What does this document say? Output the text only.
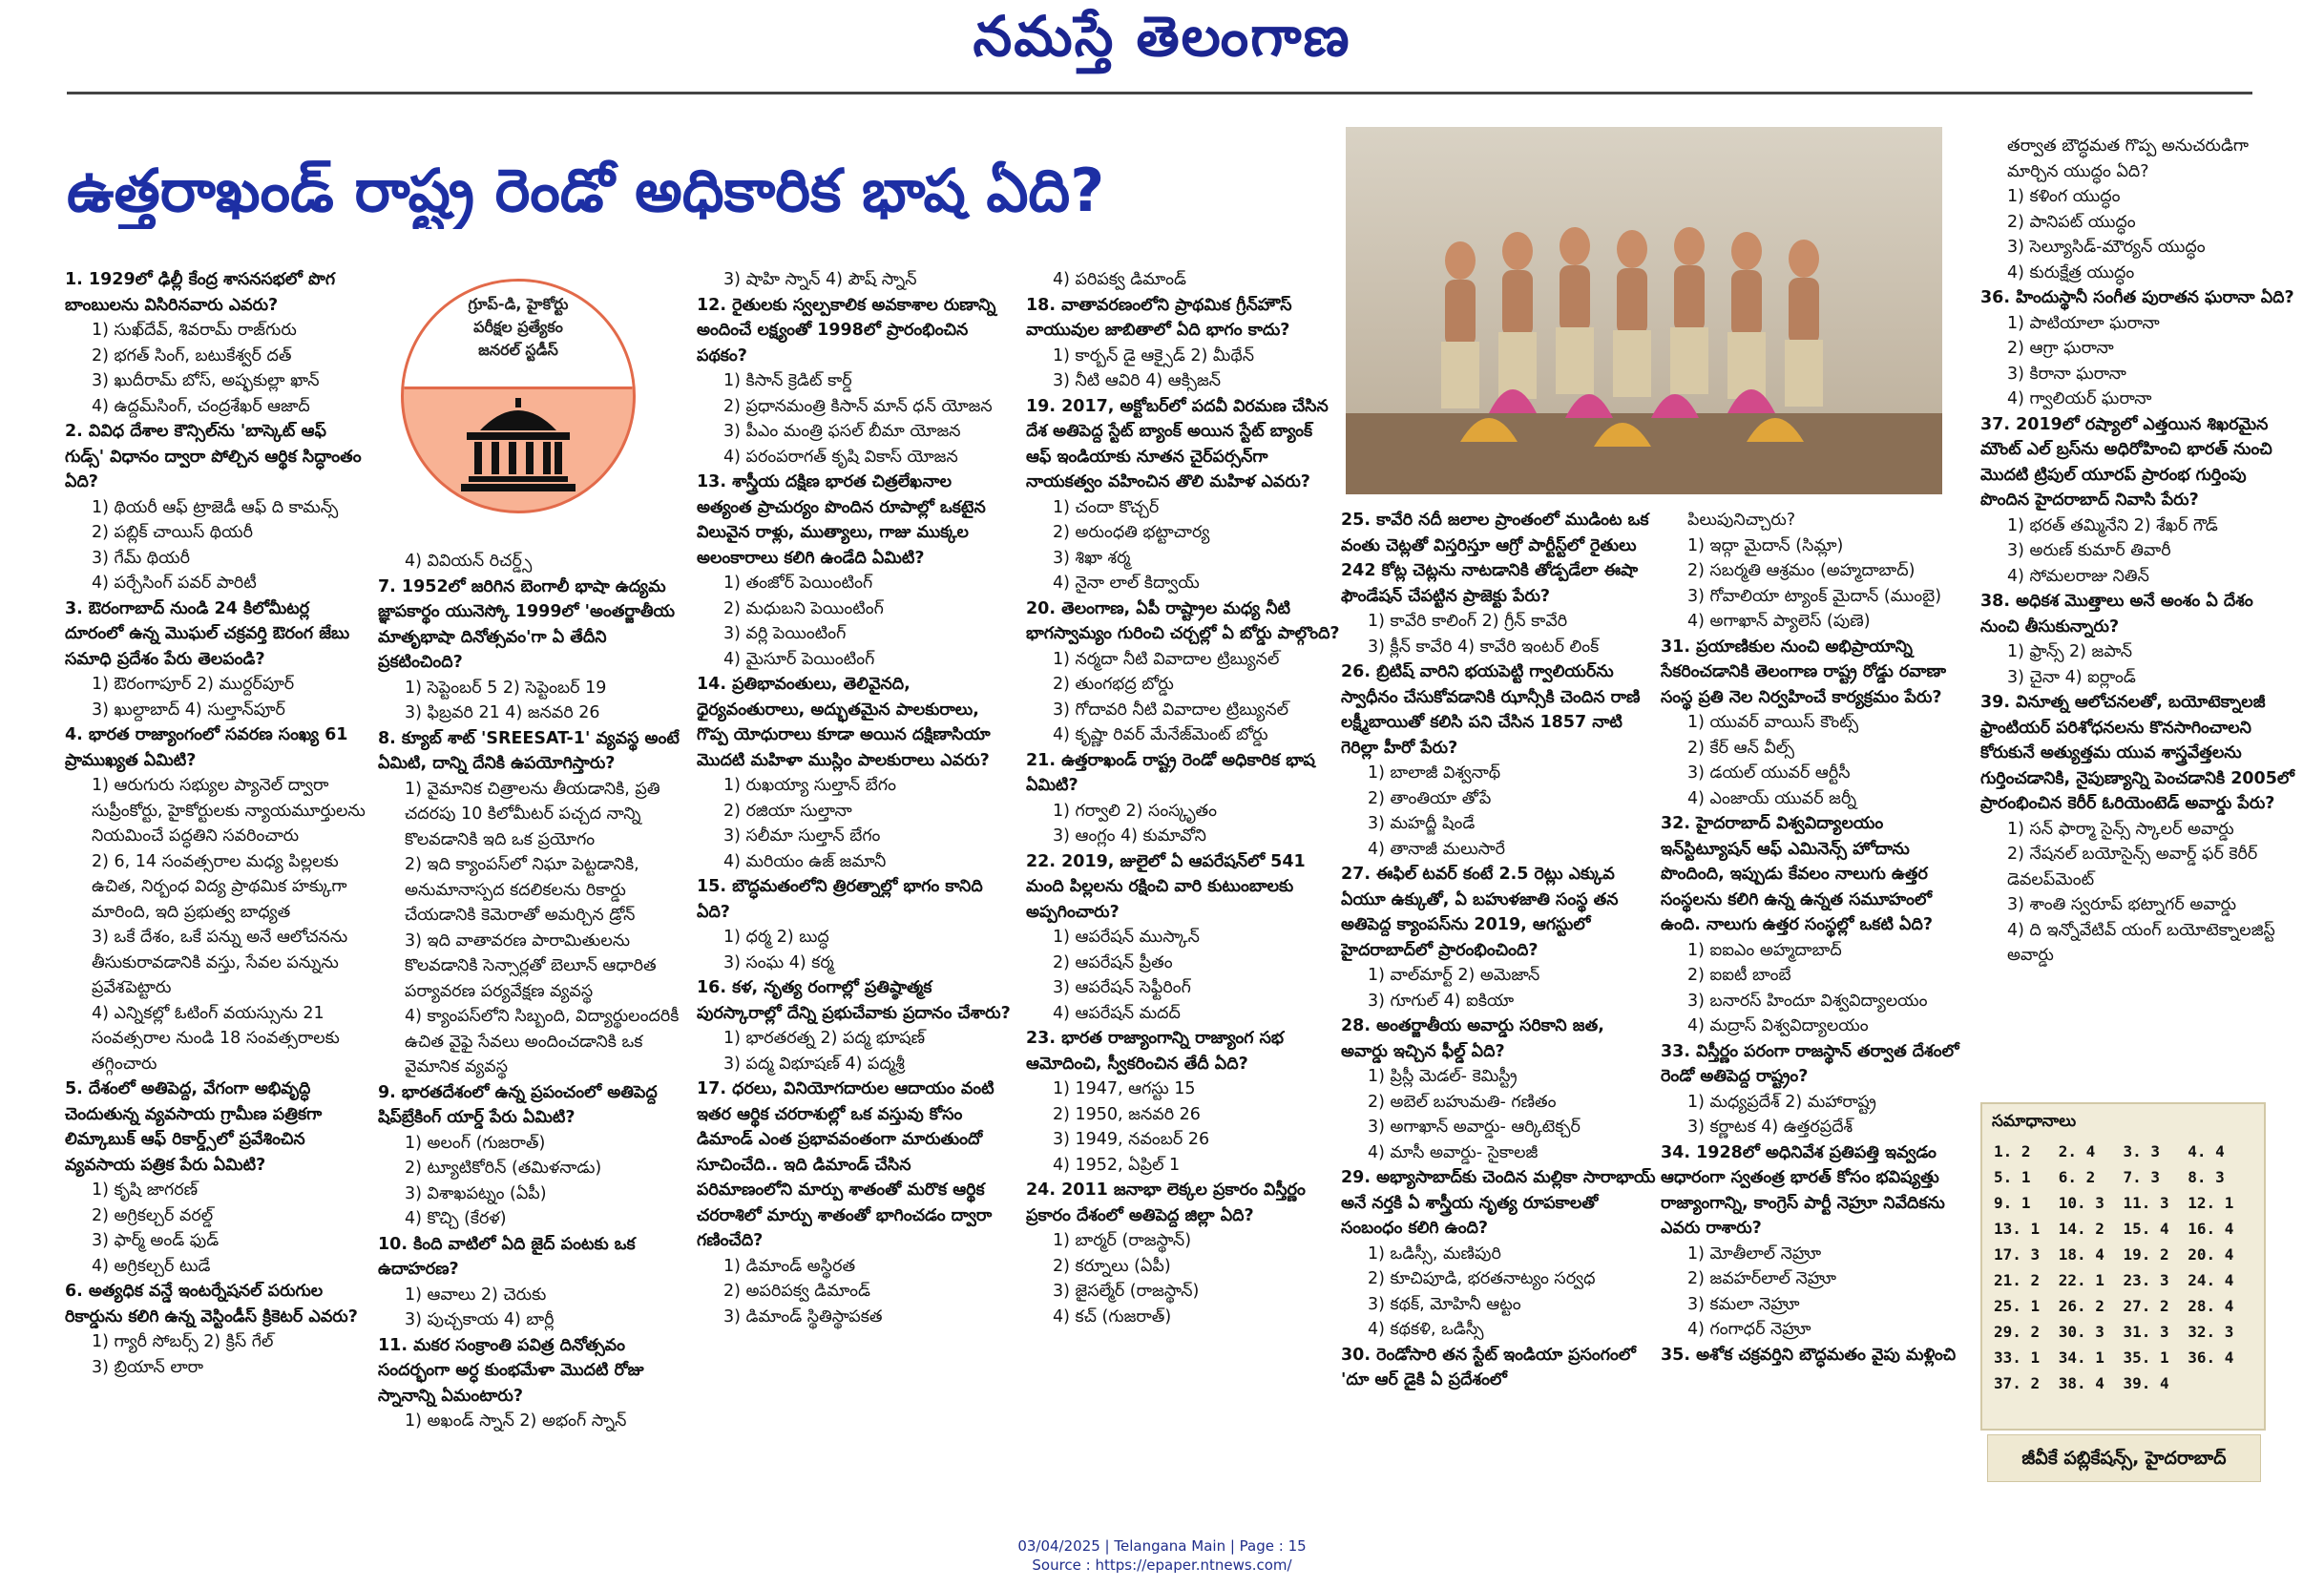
నమస్తే తెలంగాణ
ఉత్తరాఖండ్ రాష్ట్ర రెండో అధికారిక భాష ఏది?
గ్రూప్-డి, హైకోర్టు
పరీక్షల ప్రత్యేకం
జనరల్ స్టడీస్

1. 1929లో ఢిల్లీ కేంద్ర శాసనసభలో పొగ బాంబులను విసిరినవారు ఎవరు?

1) సుఖ్‌దేవ్, శివరామ్ రాజ్‌గురు

2) భగత్ సింగ్, బటుకేశ్వర్ దత్

3) ఖుదీరామ్ బోస్, అష్ఫకుల్లా ఖాన్

4) ఉద్దమ్‌సింగ్, చంద్రశేఖర్ ఆజాద్

2. వివిధ దేశాల కౌన్సిల్‌ను 'బాస్కెట్ ఆఫ్ గుడ్స్' విధానం ద్వారా పోల్చిన ఆర్థిక సిద్ధాంతం ఏది?

1) థియరీ ఆఫ్ ట్రాజెడీ ఆఫ్ ది కామన్స్

2) పబ్లిక్ చాయిస్ థియరీ

3) గేమ్ థియరీ

4) పర్చేసింగ్ పవర్ పారిటీ

3. ఔరంగాబాద్ నుండి 24 కిలోమీటర్ల దూరంలో ఉన్న మొఘల్ చక్రవర్తి ఔరంగ జేబు సమాధి ప్రదేశం పేరు తెలపండి?

1) ఔరంగాపూర్ 2) ముర్దర్‌పూర్

3) ఖుల్దాబాద్ 4) సుల్తాన్‌పూర్

4. భారత రాజ్యాంగంలో సవరణ సంఖ్య 61 ప్రాముఖ్యత ఏమిటి?

1) ఆరుగురు సభ్యుల ప్యానెల్ ద్వారా సుప్రీంకోర్టు, హైకోర్టులకు న్యాయమూర్తులను నియమించే పద్ధతిని సవరించారు

2) 6, 14 సంవత్సరాల మధ్య పిల్లలకు ఉచిత, నిర్బంధ విద్య ప్రాథమిక హక్కుగా మారింది, ఇది ప్రభుత్వ బాధ్యత

3) ఒకే దేశం, ఒకే పన్ను అనే ఆలోచనను తీసుకురావడానికి వస్తు, సేవల పన్నును ప్రవేశపెట్టారు

4) ఎన్నికల్లో ఓటింగ్ వయస్సును 21 సంవత్సరాల నుండి 18 సంవత్సరాలకు తగ్గించారు

5. దేశంలో అతిపెద్ద, వేగంగా అభివృద్ధి చెందుతున్న వ్యవసాయ గ్రామీణ పత్రికగా లిమ్కాబుక్ ఆఫ్ రికార్డ్స్‌లో ప్రవేశించిన వ్యవసాయ పత్రిక పేరు ఏమిటి?

1) కృషి జాగరణ్

2) అగ్రికల్చర్ వరల్డ్

3) ఫార్మ్ అండ్ ఫుడ్

4) అగ్రికల్చర్ టుడే

6. అత్యధిక వన్డే ఇంటర్నేషనల్ పరుగుల రికార్డును కలిగి ఉన్న వెస్టిండీస్ క్రికెటర్ ఎవరు?

1) గ్యారీ సోబర్స్ 2) క్రిస్ గేల్

3) బ్రియాన్ లారా

4) వివియన్ రిచర్డ్స్

7. 1952లో జరిగిన బెంగాలీ భాషా ఉద్యమ జ్ఞాపకార్థం యునెస్కో 1999లో 'అంతర్జాతీయ మాతృభాషా దినోత్సవం'గా ఏ తేదీని ప్రకటించింది?

1) సెప్టెంబర్ 5 2) సెప్టెంబర్ 19

3) ఫిబ్రవరి 21 4) జనవరి 26

8. క్యూబ్ శాట్ 'SREESAT-1' వ్యవస్థ అంటే ఏమిటి, దాన్ని దేనికి ఉపయోగిస్తారు?

1) వైమానిక చిత్రాలను తీయడానికి, ప్రతి చదరపు 10 కిలోమీటర్ పచ్చద నాన్ని కొలవడానికి ఇది ఒక ప్రయోగం

2) ఇది క్యాంపస్‌లో నిఘా పెట్టడానికి, అనుమానాస్పద కదలికలను రికార్డు చేయడానికి కెమెరాతో అమర్చిన డ్రోన్

3) ఇది వాతావరణ పారామితులను కొలవడానికి సెన్సార్లతో బెలూన్ ఆధారిత పర్యావరణ పర్యవేక్షణ వ్యవస్థ

4) క్యాంపస్‌లోని సిబ్బంది, విద్యార్థులందరికీ ఉచిత వైఫై సేవలు అందించడానికి ఒక వైమానిక వ్యవస్థ

9. భారతదేశంలో ఉన్న ప్రపంచంలో అతిపెద్ద షిప్‌బ్రేకింగ్ యార్డ్ పేరు ఏమిటి?

1) అలంగ్ (గుజరాత్)

2) ట్యూటికోరిన్ (తమిళనాడు)

3) విశాఖపట్నం (ఏపీ)

4) కొచ్చి (కేరళ)

10. కింది వాటిలో ఏది జైద్ పంటకు ఒక ఉదాహరణ?

1) ఆవాలు 2) చెరుకు

3) పుచ్చకాయ 4) బార్లీ

11. మకర సంక్రాంతి పవిత్ర దినోత్సవం సందర్భంగా అర్ధ కుంభమేళా మొదటి రోజు స్నానాన్ని ఏమంటారు?

1) అఖండ్ స్నాన్ 2) అభంగ్ స్నాన్

3) షాహి స్నాన్ 4) పౌష్ స్నాన్

12. రైతులకు స్వల్పకాలిక అవకాశాల రుణాన్ని అందించే లక్ష్యంతో 1998లో ప్రారంభించిన పథకం?

1) కిసాన్ క్రెడిట్ కార్డ్

2) ప్రధానమంత్రి కిసాన్ మాన్ ధన్ యోజన

3) పీఎం మంత్రి ఫసల్ బీమా యోజన

4) పరంపరాగత్ కృషి వికాస్ యోజన

13. శాస్త్రీయ దక్షిణ భారత చిత్రలేఖనాల అత్యంత ప్రాచుర్యం పొందిన రూపాల్లో ఒకటైన విలువైన రాళ్లు, ముత్యాలు, గాజు ముక్కల అలంకారాలు కలిగి ఉండేది ఏమిటి?

1) తంజోర్ పెయింటింగ్

2) మధుబని పెయింటింగ్

3) వర్లి పెయింటింగ్

4) మైసూర్ పెయింటింగ్

14. ప్రతిభావంతులు, తెలివైనది, ధైర్యవంతురాలు, అద్భుతమైన పాలకురాలు, గొప్ప యోధురాలు కూడా అయిన దక్షిణాసియా మొదటి మహిళా ముస్లిం పాలకురాలు ఎవరు?

1) రుఖయ్యా సుల్తాన్ బేగం

2) రజియా సుల్తానా

3) సలీమా సుల్తాన్ బేగం

4) మరియం ఉజ్ జమానీ

15. బౌద్ధమతంలోని త్రిరత్నాల్లో భాగం కానిది ఏది?

1) ధర్మ 2) బుద్ధ

3) సంఘ 4) కర్మ

16. కళ, నృత్య రంగాల్లో ప్రతిష్ఠాత్మక పురస్కారాల్లో దేన్ని ప్రభుచేవాకు ప్రదానం చేశారు?

1) భారతరత్న 2) పద్మ భూషణ్

3) పద్మ విభూషణ్ 4) పద్మశ్రీ

17. ధరలు, వినియోగదారుల ఆదాయం వంటి ఇతర ఆర్థిక చరరాశుల్లో ఒక వస్తువు కోసం డిమాండ్ ఎంత ప్రభావవంతంగా మారుతుందో సూచించేది.. ఇది డిమాండ్ చేసిన పరిమాణంలోని మార్పు శాతంతో మరొక ఆర్థిక చరరాశిలో మార్పు శాతంతో భాగించడం ద్వారా గణించేది?

1) డిమాండ్ అస్థిరత

2) అపరిపక్వ డిమాండ్

3) డిమాండ్ స్థితిస్థాపకత

4) పరిపక్వ డిమాండ్

18. వాతావరణంలోని ప్రాథమిక గ్రీన్‌హౌస్ వాయువుల జాబితాలో ఏది భాగం కాదు?

1) కార్బన్ డై ఆక్సైడ్ 2) మీథేన్

3) నీటి ఆవిరి 4) ఆక్సిజన్

19. 2017, అక్టోబర్‌లో పదవీ విరమణ చేసిన దేశ అతిపెద్ద స్టేట్ బ్యాంక్ అయిన స్టేట్ బ్యాంక్ ఆఫ్ ఇండియాకు నూతన చైర్‌పర్సన్‌గా నాయకత్వం వహించిన తొలి మహిళ ఎవరు?

1) చందా కొచ్చర్

2) అరుంధతి భట్టాచార్య

3) శిఖా శర్మ

4) నైనా లాల్ కిద్వాయ్

20. తెలంగాణ, ఏపీ రాష్ట్రాల మధ్య నీటి భాగస్వామ్యం గురించి చర్చల్లో ఏ బోర్డు పాల్గొంది?

1) నర్మదా నీటి వివాదాల ట్రిబ్యునల్

2) తుంగభద్ర బోర్డు

3) గోదావరి నీటి వివాదాల ట్రిబ్యునల్

4) కృష్ణా రివర్ మేనేజ్‌మెంట్ బోర్డు

21. ఉత్తరాఖండ్ రాష్ట్ర రెండో అధికారిక భాష ఏమిటి?

1) గర్వాలి 2) సంస్కృతం

3) ఆంగ్లం 4) కుమావోని

22. 2019, జులైలో ఏ ఆపరేషన్‌లో 541 మంది పిల్లలను రక్షించి వారి కుటుంబాలకు అప్పగించారు?

1) ఆపరేషన్ ముస్కాన్

2) ఆపరేషన్ ప్రీతం

3) ఆపరేషన్ సెఫ్టీరింగ్

4) ఆపరేషన్ మదద్

23. భారత రాజ్యాంగాన్ని రాజ్యాంగ సభ ఆమోదించి, స్వీకరించిన తేదీ ఏది?

1) 1947, ఆగస్టు 15

2) 1950, జనవరి 26

3) 1949, నవంబర్ 26

4) 1952, ఏప్రిల్ 1

24. 2011 జనాభా లెక్కల ప్రకారం విస్తీర్ణం ప్రకారం దేశంలో అతిపెద్ద జిల్లా ఏది?

1) బార్మర్ (రాజస్థాన్)

2) కర్నూలు (ఏపీ)

3) జైసల్మేర్ (రాజస్థాన్)

4) కచ్ (గుజరాత్)

25. కావేరి నదీ జలాల ప్రాంతంలో ముడింట ఒక వంతు చెట్లతో విస్తరిస్తూ ఆగ్రో పార్టీస్ట్‌లో రైతులు 242 కోట్ల చెట్లను నాటడానికి తోడ్పడేలా ఈషా ఫౌండేషన్ చేపట్టిన ప్రాజెక్టు పేరు?

1) కావేరి కాలింగ్ 2) గ్రీన్ కావేరి

3) క్లీన్ కావేరి 4) కావేరి ఇంటర్ లింక్

26. బ్రిటిష్ వారిని భయపెట్టి గ్వాలియర్‌ను స్వాధీనం చేసుకోవడానికి ఝాన్సీకి చెందిన రాణి లక్ష్మీబాయితో కలిసి పని చేసిన 1857 నాటి గెరిల్లా హీరో పేరు?

1) బాలాజీ విశ్వనాథ్

2) తాంతియా తోపే

3) మహద్జీ షిండే

4) తానాజీ మలుసారే

27. ఈఫిల్ టవర్ కంటే 2.5 రెట్లు ఎక్కువ ఏయూ ఉక్కుతో, ఏ బహుళజాతి సంస్థ తన అతిపెద్ద క్యాంపస్‌ను 2019, ఆగస్టులో హైదరాబాద్‌లో ప్రారంభించింది?

1) వాల్‌మార్ట్ 2) అమెజాన్

3) గూగుల్ 4) ఐకియా

28. అంతర్జాతీయ అవార్డు సరికాని జత, అవార్డు ఇచ్చిన ఫీల్డ్ ఏది?

1) ప్రిస్లీ మెడల్- కెమిస్ట్రీ

2) అబెల్ బహుమతి- గణితం

3) అగాఖాన్ అవార్డు- ఆర్కిటెక్చర్

4) మాసీ అవార్డు- సైకాలజీ

29. అభ్యాసాబాద్‌కు చెందిన మల్లికా సారాభాయ్ అనే నర్తకి ఏ శాస్త్రీయ నృత్య రూపకాలతో సంబంధం కలిగి ఉంది?

1) ఒడిస్సీ, మణిపురి

2) కూచిపూడి, భరతనాట్యం సర్వధ

3) కథక్, మోహినీ ఆట్టం

4) కథకళి, ఒడిస్సీ

30. రెండోసారి తన స్టేట్ ఇండియా ప్రసంగంలో 'దూ ఆర్ డైకి ఏ ప్రదేశంలో

పిలుపునిచ్చారు?

1) ఇద్గా మైదాన్ (సిమ్లా)

2) సబర్మతి ఆశ్రమం (అహ్మదాబాద్)

3) గోవాలియా ట్యాంక్ మైదాన్ (ముంబై)

4) అగాఖాన్ ప్యాలెస్ (పుణె)

31. ప్రయాణికుల నుంచి అభిప్రాయాన్ని సేకరించడానికి తెలంగాణ రాష్ట్ర రోడ్డు రవాణా సంస్థ ప్రతి నెల నిర్వహించే కార్యక్రమం పేరు?

1) యువర్ వాయిస్ కౌంట్స్

2) కేర్ ఆన్ వీల్స్

3) డయల్ యువర్ ఆర్టీసీ

4) ఎంజాయ్ యువర్ జర్నీ

32. హైదరాబాద్ విశ్వవిద్యాలయం ఇన్‌స్టిట్యూషన్ ఆఫ్ ఎమినెన్స్ హోదాను పొందింది, ఇప్పుడు కేవలం నాలుగు ఉత్తర సంస్థలను కలిగి ఉన్న ఉన్నత సమూహంలో ఉంది. నాలుగు ఉత్తర సంస్థల్లో ఒకటి ఏది?

1) ఐఐఎం అహ్మదాబాద్

2) ఐఐటీ బాంబే

3) బనారస్ హిందూ విశ్వవిద్యాలయం

4) మద్రాస్ విశ్వవిద్యాలయం

33. విస్తీర్ణం పరంగా రాజస్థాన్ తర్వాత దేశంలో రెండో అతిపెద్ద రాష్ట్రం?

1) మధ్యప్రదేశ్ 2) మహారాష్ట్ర

3) కర్ణాటక 4) ఉత్తరప్రదేశ్

34. 1928లో అధినివేశ ప్రతిపత్తి ఇవ్వడం ఆధారంగా స్వతంత్ర భారత్ కోసం భవిష్యత్తు రాజ్యాంగాన్ని, కాంగ్రెస్ పార్టీ నెహ్రూ నివేదికను ఎవరు రాశారు?

1) మోతీలాల్ నెహ్రూ

2) జవహర్‌లాల్ నెహ్రూ

3) కమలా నెహ్రూ

4) గంగాధర్ నెహ్రూ

35. అశోక చక్రవర్తిని బౌద్ధమతం వైపు మళ్లించి

తర్వాత బౌద్ధమత గొప్ప అనుచరుడిగా మార్చిన యుద్ధం ఏది?

1) కళింగ యుద్ధం

2) పానిపట్ యుద్ధం

3) సెల్యూసిడ్-మౌర్యన్ యుద్ధం

4) కురుక్షేత్ర యుద్ధం

36. హిందుస్థానీ సంగీత పురాతన ఘరానా ఏది?

1) పాటియాలా ఘరానా

2) ఆగ్రా ఘరానా

3) కిరానా ఘరానా

4) గ్వాలియర్ ఘరానా

37. 2019లో రష్యాలో ఎత్తయిన శిఖరమైన మౌంట్ ఎల్ బ్రస్‌ను అధిరోహించి భారత్ నుంచి మొదటి ట్రిపుల్ యూరప్ ప్రారంభ గుర్తింపు పొందిన హైదరాబాద్ నివాసి పేరు?

1) భరత్ తమ్మినేని 2) శేఖర్ గౌడ్

3) అరుణ్ కుమార్ తివారీ

4) సోమలరాజు నితిన్

38. అధికశ మొత్తాలు అనే అంశం ఏ దేశం నుంచి తీసుకున్నారు?

1) ఫ్రాన్స్ 2) జపాన్

3) చైనా 4) ఐర్లాండ్

39. వినూత్న ఆలోచనలతో, బయోటెక్నాలజీ ఫ్రాంటియర్ పరిశోధనలను కొనసాగించాలని కోరుకునే అత్యుత్తమ యువ శాస్త్రవేత్తలను గుర్తించడానికి, నైపుణ్యాన్ని పెంచడానికి 2005లో ప్రారంభించిన కెరీర్ ఓరియెంటెడ్ అవార్డు పేరు?

1) సన్ ఫార్మా సైన్స్ స్కాలర్ అవార్డు

2) నేషనల్ బయోసైన్స్ అవార్డ్ ఫర్ కెరీర్ డెవలప్‌మెంట్

3) శాంతి స్వరూప్ భట్నాగర్ అవార్డు

4) ది ఇన్నోవేటివ్ యంగ్ బయోటెక్నాలజిస్ట్ అవార్డు

సమాధానాలు
1. 2	2. 4	3. 3	4. 4
5. 1	6. 2	7. 3	8. 3
9. 1	10. 3	11. 3	12. 1
13. 1	14. 2	15. 4	16. 4
17. 3	18. 4	19. 2	20. 4
21. 2	22. 1	23. 3	24. 4
25. 1	26. 2	27. 2	28. 4
29. 2	30. 3	31. 3	32. 3
33. 1	34. 1	35. 1	36. 4
37. 2	38. 4	39. 4
జీవీకే పబ్లికేషన్స్, హైదరాబాద్
03/04/2025 | Telangana Main | Page : 15
Source : https://epaper.ntnews.com/
